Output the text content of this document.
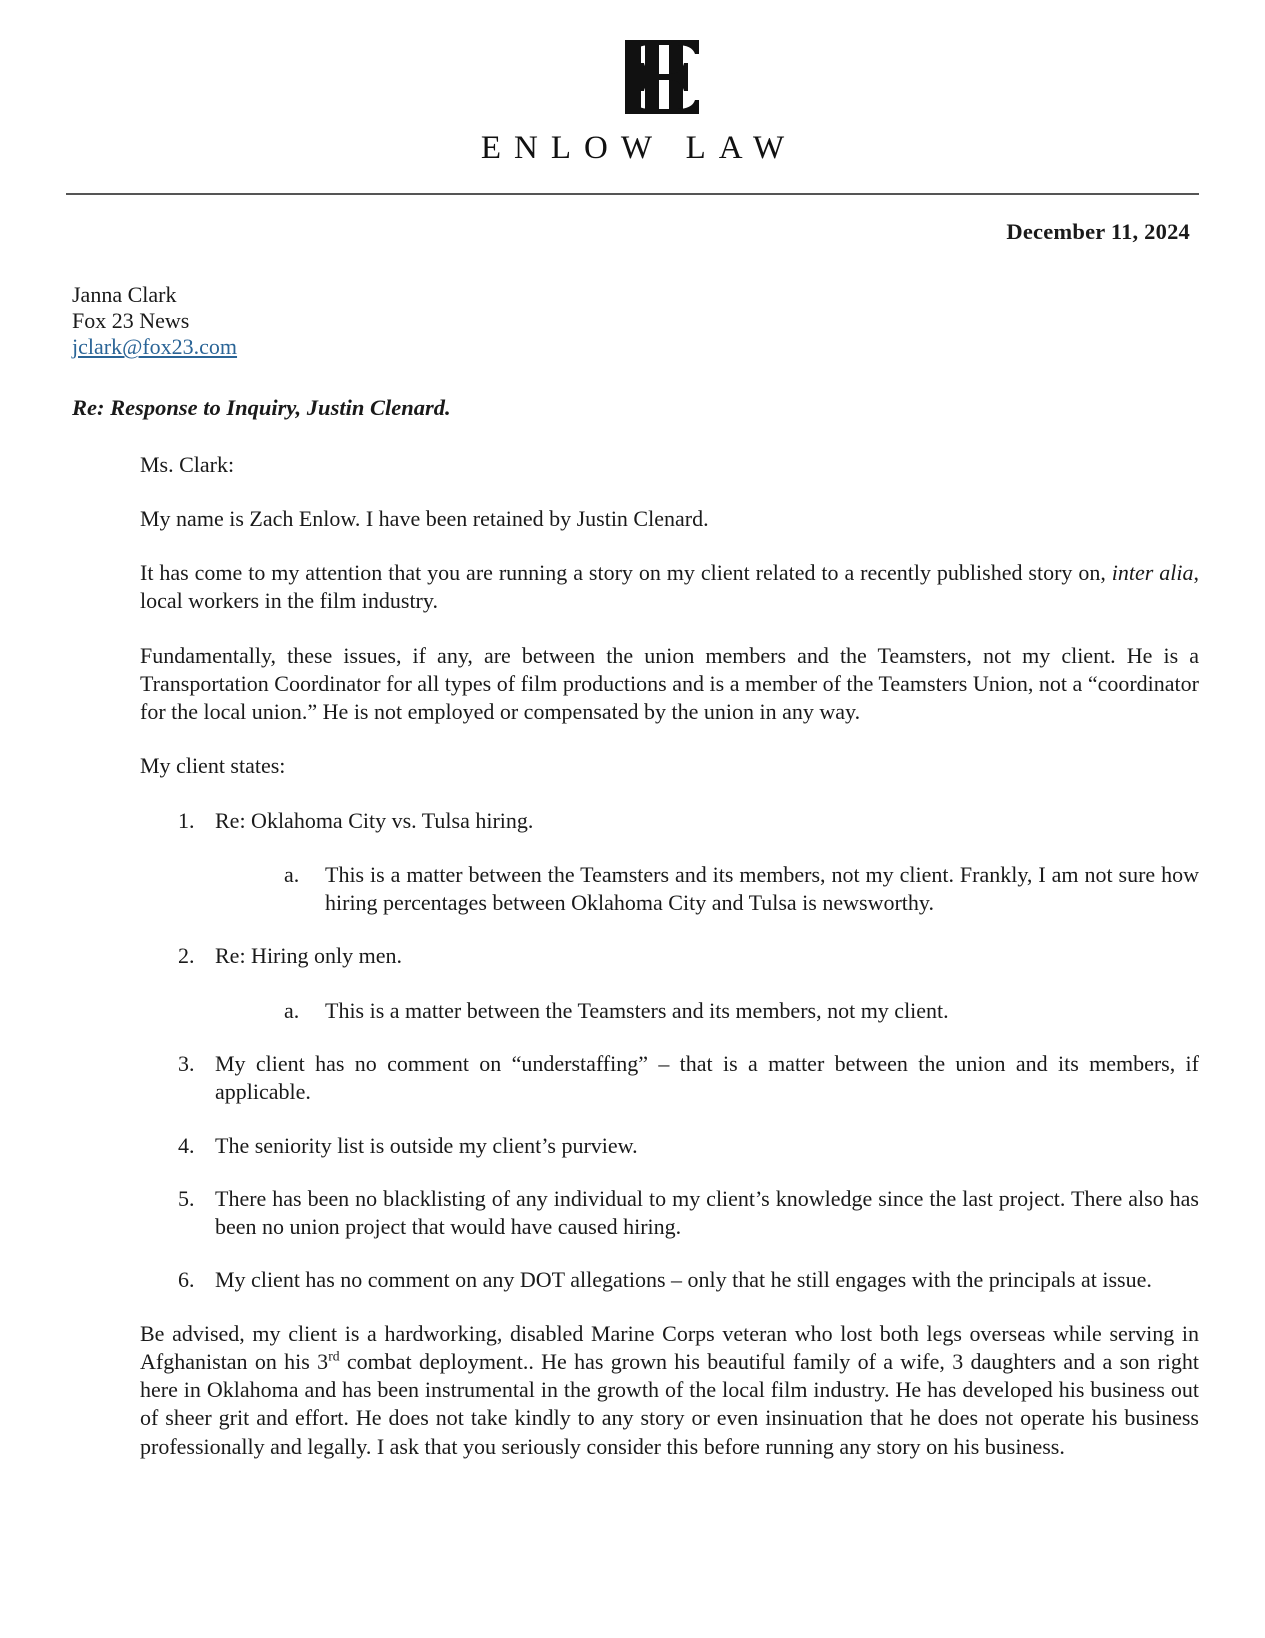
ENLOW LAW
December 11, 2024
Janna Clark
Fox 23 News
jclark@fox23.com
Re: Response to Inquiry, Justin Clenard.

Ms. Clark:

My name is Zach Enlow. I have been retained by Justin Clenard.

It has come to my attention that you are running a story on my client related to a recently published story on, inter alia, local workers in the film industry.

Fundamentally, these issues, if any, are between the union members and the Teamsters, not my client. He is a Transportation Coordinator for all types of film productions and is a member of the Teamsters Union, not a “coordinator for the local union.” He is not employed or compensated by the union in any way.

My client states:

1. Re: Oklahoma City vs. Tulsa hiring.
a.	This is a matter between the Teamsters and its members, not my client. Frankly, I am not sure how hiring percentages between Oklahoma City and Tulsa is newsworthy.
2. Re: Hiring only men.
a.	This is a matter between the Teamsters and its members, not my client.
3. My client has no comment on “understaffing” – that is a matter between the union and its members, if applicable.
4. The seniority list is outside my client’s purview.
5. There has been no blacklisting of any individual to my client’s knowledge since the last project. There also has been no union project that would have caused hiring.
6. My client has no comment on any DOT allegations – only that he still engages with the principals at issue.

Be advised, my client is a hardworking, disabled Marine Corps veteran who lost both legs overseas while serving in Afghanistan on his 3rd combat deployment.. He has grown his beautiful family of a wife, 3 daughters and a son right here in Oklahoma and has been instrumental in the growth of the local film industry. He has developed his business out of sheer grit and effort. He does not take kindly to any story or even insinuation that he does not operate his business professionally and legally. I ask that you seriously consider this before running any story on his business.
